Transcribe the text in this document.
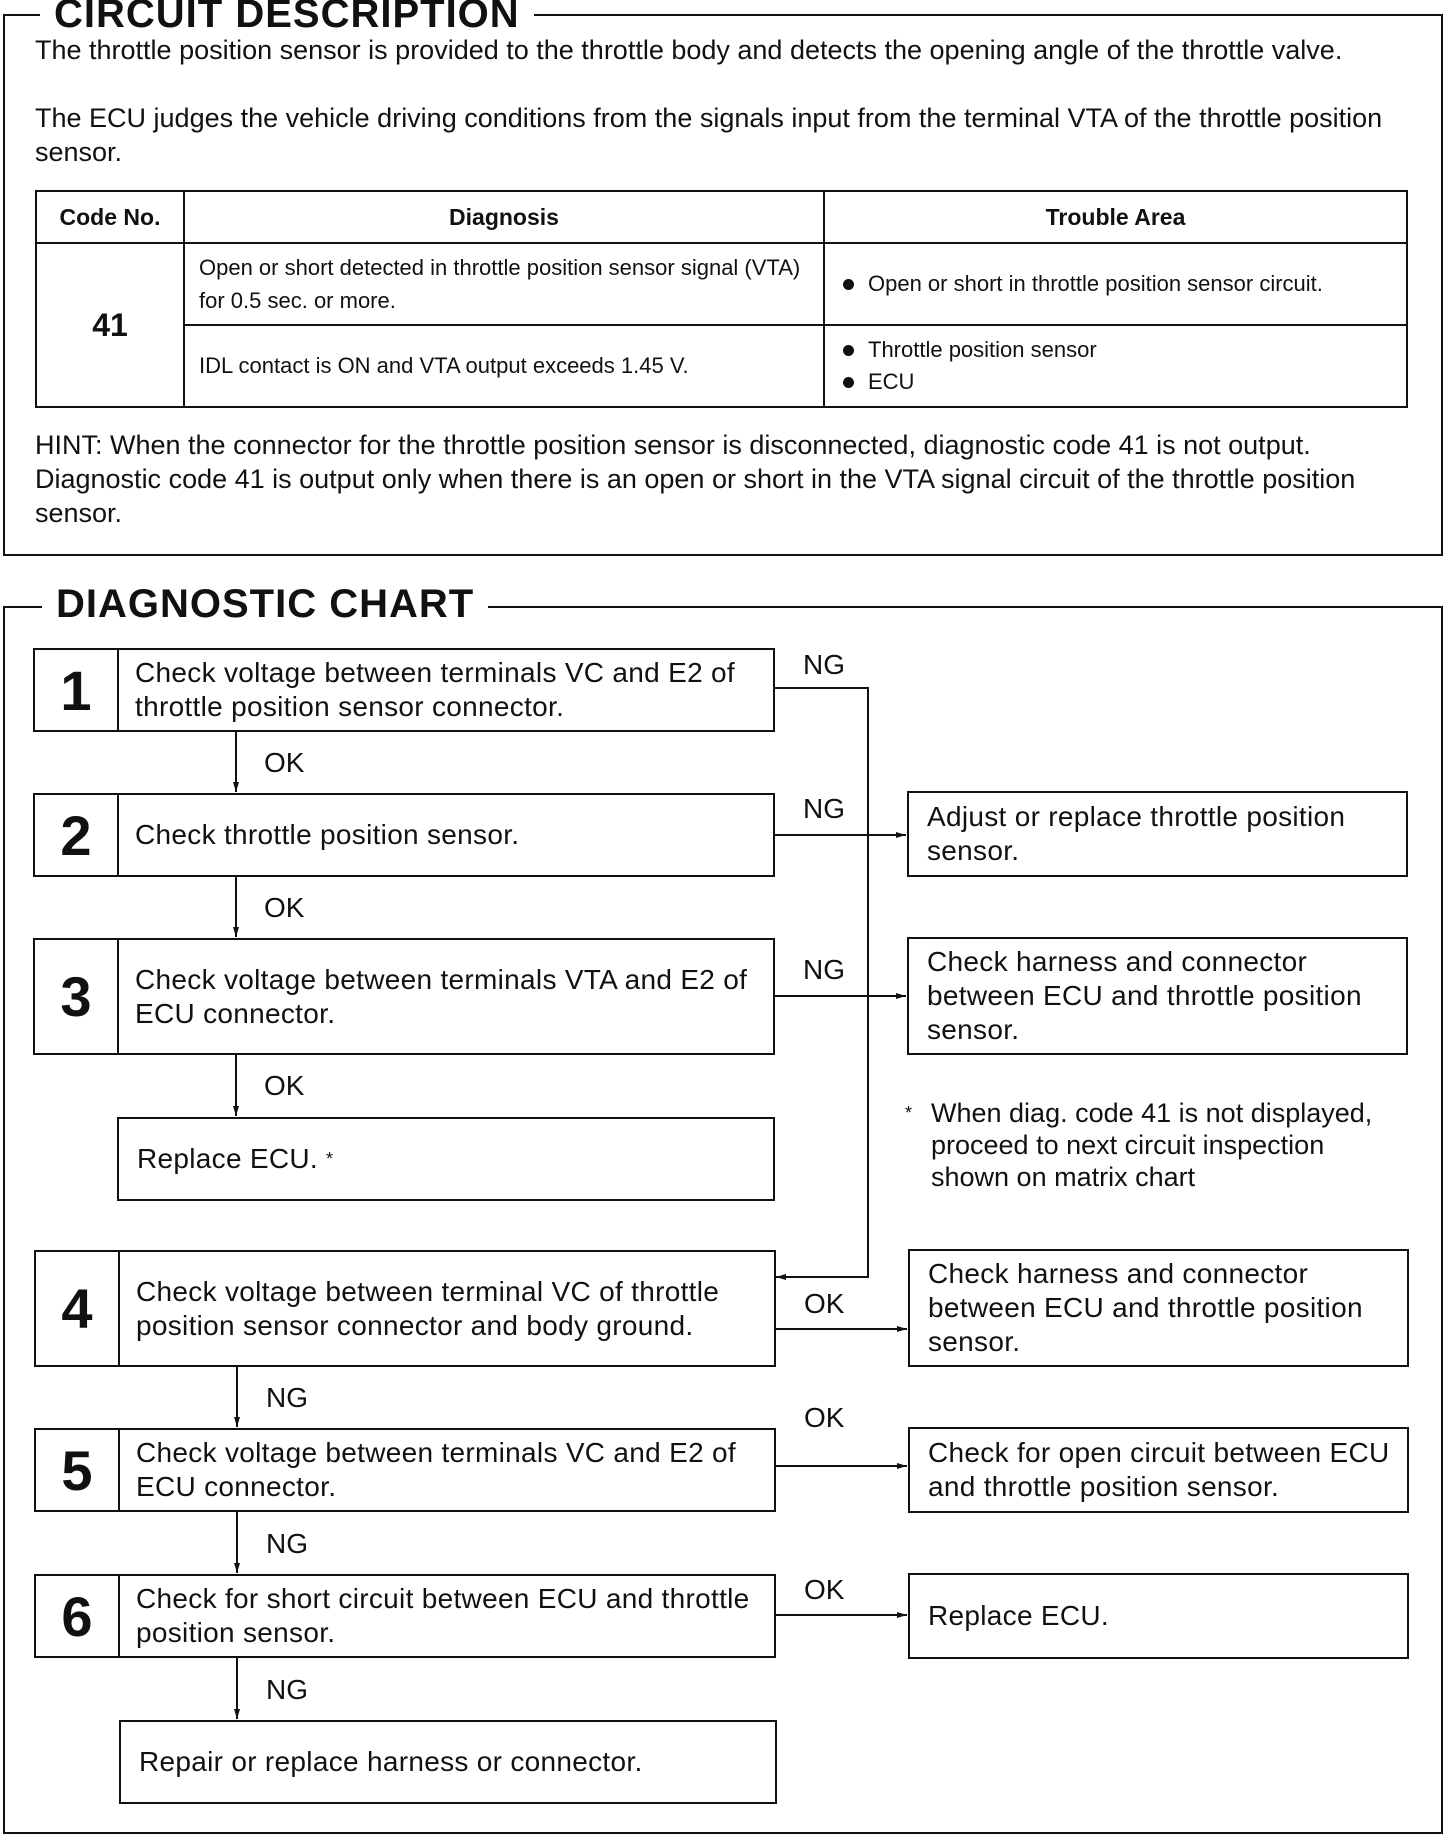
CIRCUIT DESCRIPTION
The throttle position sensor is provided to the throttle body and detects the opening angle of the throttle valve.
The ECU judges the vehicle driving conditions from the signals input from the terminal VTA of the throttle position sensor.
Code No.	Diagnosis	Trouble Area
41	Open or short detected in throttle position sensor signal (VTA) for 0.5 sec. or more.	Open or short in throttle position sensor circuit.

	IDL contact is ON and VTA output exceeds 1.45 V.	Throttle position sensor
ECU
HINT: When the connector for the throttle position sensor is disconnected, diagnostic code 41 is not output. Diagnostic code 41 is output only when there is an open or short in the VTA signal circuit of the throttle position sensor.
DIAGNOSTIC CHART
1	Check voltage between terminals VC and E2 of throttle position sensor connector.
2	Check throttle position sensor.
3	Check voltage between terminals VTA and E2 of ECU connector.
Replace ECU. *
4	Check voltage between terminal VC of throttle position sensor connector and body ground.
5	Check voltage between terminals VC and E2 of ECU connector.
6	Check for short circuit between ECU and throttle position sensor.
Repair or replace harness or connector.
Adjust or replace throttle position sensor.
Check harness and connector between ECU and throttle position sensor.
Check harness and connector between ECU and throttle position sensor.
Check for open circuit between ECU and throttle position sensor.
Replace ECU.
* When diag. code 41 is not displayed, proceed to next circuit inspection shown on matrix chart
OK
OK
OK
NG
NG
NG
NG
NG
NG
OK
OK
OK
